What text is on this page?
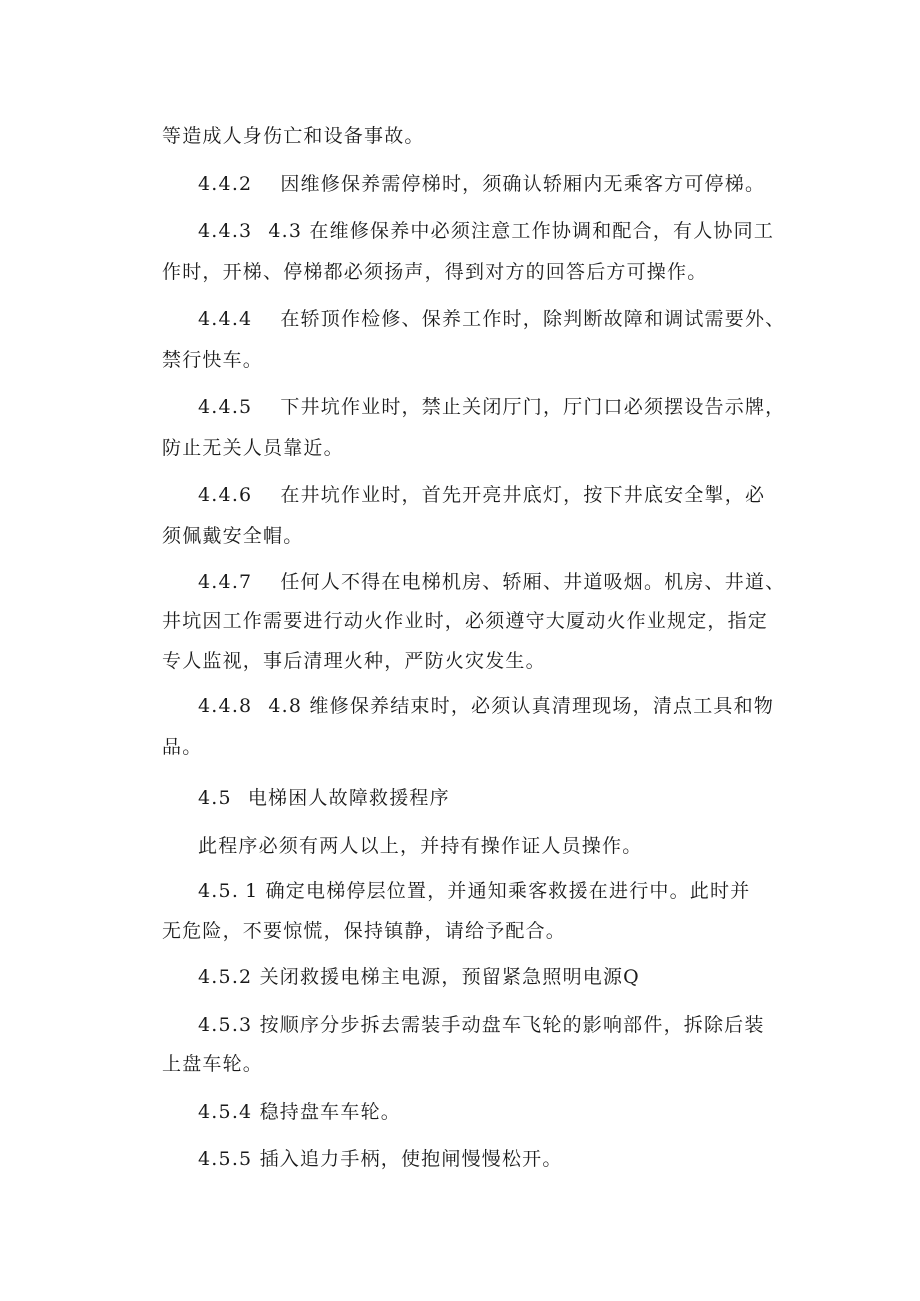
等造成人身伤亡和设备事故。
4.4.2 因维修保养需停梯时，须确认轿厢内无乘客方可停梯。
4.4.3 4.3 在维修保养中必须注意工作协调和配合，有人协同工
作时，开梯、停梯都必须扬声，得到对方的回答后方可操作。
4.4.4 在轿顶作检修、保养工作时，除判断故障和调试需要外、
禁行快车。
4.4.5 下井坑作业时，禁止关闭厅门，厅门口必须摆设告示牌，
防止无关人员靠近。
4.4.6 在井坑作业时，首先开亮井底灯，按下井底安全掣，必
须佩戴安全帽。
4.4.7 任何人不得在电梯机房、轿厢、井道吸烟。机房、井道、
井坑因工作需要进行动火作业时，必须遵守大厦动火作业规定，指定
专人监视，事后清理火种，严防火灾发生。
4.4.8 4.8 维修保养结束时，必须认真清理现场，清点工具和物
品。
4.5 电梯困人故障救援程序
此程序必须有两人以上，并持有操作证人员操作。
4.5. 1 确定电梯停层位置，并通知乘客救援在进行中。此时并
无危险，不要惊慌，保持镇静，请给予配合。
4.5.2 关闭救援电梯主电源，预留紧急照明电源Q
4.5.3 按顺序分步拆去需装手动盘车飞轮的影响部件，拆除后装
上盘车轮。
4.5.4 稳持盘车车轮。
4.5.5 插入追力手柄，使抱闸慢慢松开。
